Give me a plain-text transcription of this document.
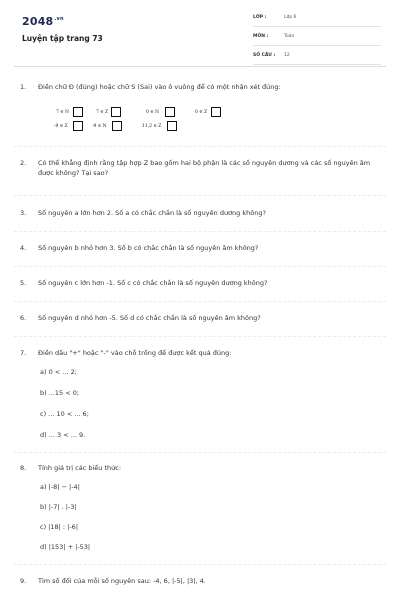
$2048^{.vn}$
Luyện tập trang 73
LỚP :	Lớp 6
MÔN :	Toán
SỐ CÂU : 12
1.	Điền chữ Đ (đúng) hoặc chữ S (Sai) vào ô vuông để có một nhận xét đúng:
7 ∈ N	7 ∈ Z	0 ∈ N	0 ∈ Z
-9 ∈ Z	-9 ∈ N	11,2 ∈ Z
2.	Có thể khẳng định rằng tập hợp Z bao gồm hai bộ phận là các số nguyên dương và các số nguyên âm được không? Tại sao?
3.	Số nguyên a lớn hơn 2. Số a có chắc chắn là số nguyên dương không?
4.	Số nguyên b nhỏ hơn 3. Số b có chắc chắn là số nguyên âm không?
5.	Số nguyên c lớn hơn -1. Số c có chắc chắn là số nguyên dương không?
6.	Số nguyên d nhỏ hơn -5. Số d có chắc chắn là số nguyên âm không?
7.	Điền dấu "+" hoặc "-" vào chỗ trống để được kết quả đúng:
a) 0 < ... 2;
b) ...15 < 0;
c) ... 10 < ... 6;
d) ... 3 < ... 9.
8.	Tính giá trị các biểu thức:
a) |-8| − |-4|
b) |-7| . |-3|
c) |18| : |-6|
d) |153| + |-53|
9.	Tìm số đối của mỗi số nguyên sau: -4, 6, |-5|, |3|, 4.
